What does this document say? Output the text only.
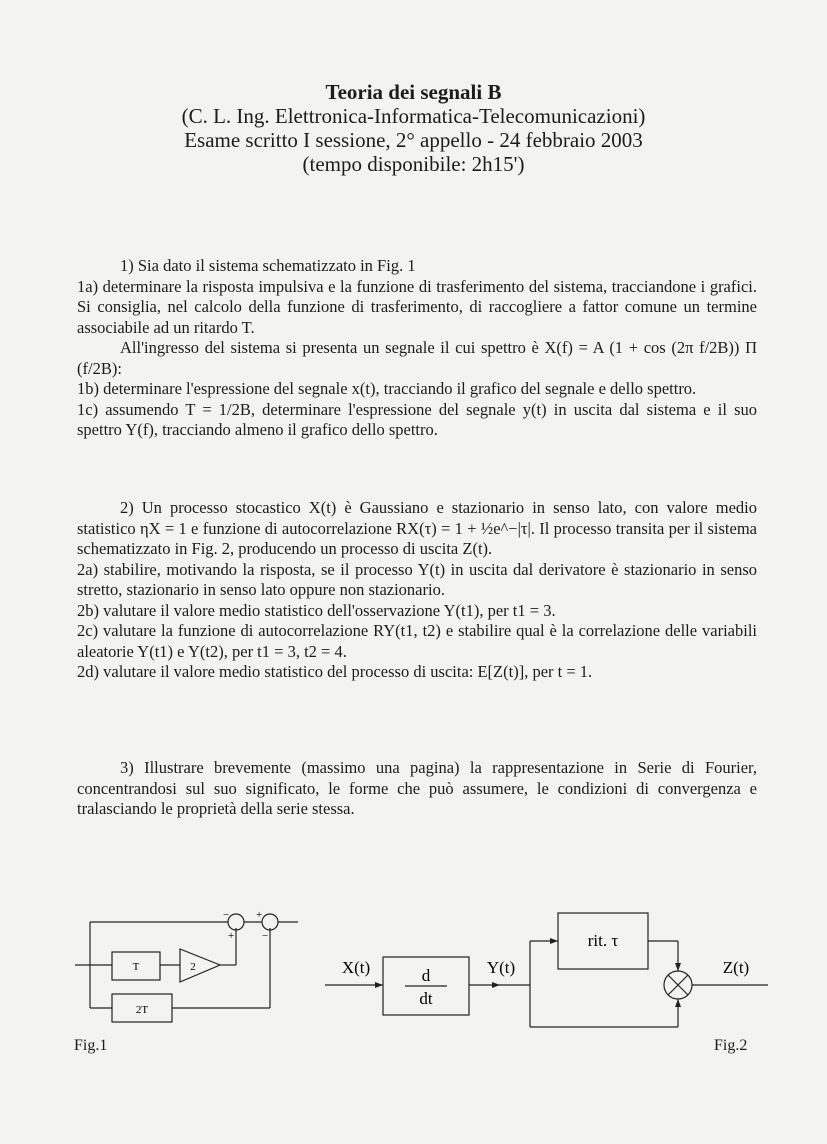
Teoria dei segnali B
(C. L. Ing. Elettronica-Informatica-Telecomunicazioni)
Esame scritto I sessione, 2° appello - 24 febbraio 2003
(tempo disponibile: 2h15')

1) Sia dato il sistema schematizzato in Fig. 1

1a) determinare la risposta impulsiva e la funzione di trasferimento del sistema, tracciandone i grafici. Si consiglia, nel calcolo della funzione di trasferimento, di raccogliere a fattor comune un termine associabile ad un ritardo T.

All'ingresso del sistema si presenta un segnale il cui spettro è X(f) = A (1 + cos (2π f/2B)) Π (f/2B):

1b) determinare l'espressione del segnale x(t), tracciando il grafico del segnale e dello spettro.

1c) assumendo T = 1/2B, determinare l'espressione del segnale y(t) in uscita dal sistema e il suo spettro Y(f), tracciando almeno il grafico dello spettro.

2) Un processo stocastico X(t) è Gaussiano e stazionario in senso lato, con valore medio statistico ηX = 1 e funzione di autocorrelazione RX(τ) = 1 + ½e^−|τ|. Il processo transita per il sistema schematizzato in Fig. 2, producendo un processo di uscita Z(t).

2a) stabilire, motivando la risposta, se il processo Y(t) in uscita dal derivatore è stazionario in senso stretto, stazionario in senso lato oppure non stazionario.

2b) valutare il valore medio statistico dell'osservazione Y(t1), per t1 = 3.

2c) valutare la funzione di autocorrelazione RY(t1, t2) e stabilire qual è la correlazione delle variabili aleatorie Y(t1) e Y(t2), per t1 = 3, t2 = 4.

2d) valutare il valore medio statistico del processo di uscita: E[Z(t)], per t = 1.

3) Illustrare brevemente (massimo una pagina) la rappresentazione in Serie di Fourier, concentrandosi sul suo significato, le forme che può assumere, le condizioni di convergenza e tralasciando le proprietà della serie stessa.

T	2
2T
−
+
+
−
Fig.1
X(t)	d
dt
Y(t)
rit. τ
Z(t)
Fig.2
